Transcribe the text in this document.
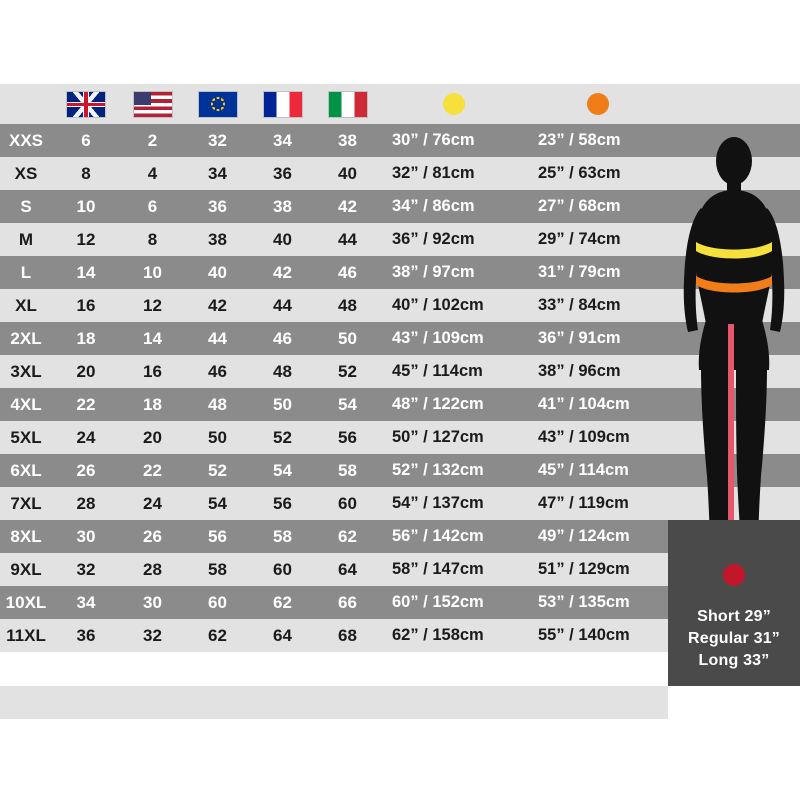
XXS	6	2	32	34	38	30” / 76cm	23” / 58cm
XS	8	4	34	36	40	32” / 81cm	25” / 63cm
S	10	6	36	38	42	34” / 86cm	27” / 68cm
M	12	8	38	40	44	36” / 92cm	29” / 74cm
L	14	10	40	42	46	38” / 97cm	31” / 79cm
XL	16	12	42	44	48	40” / 102cm	33” / 84cm
2XL	18	14	44	46	50	43” / 109cm	36” / 91cm
3XL	20	16	46	48	52	45” / 114cm	38” / 96cm
4XL	22	18	48	50	54	48” / 122cm	41” / 104cm
5XL	24	20	50	52	56	50” / 127cm	43” / 109cm
6XL	26	22	52	54	58	52” / 132cm	45” / 114cm
7XL	28	24	54	56	60	54” / 137cm	47” / 119cm
8XL	30	26	56	58	62	56” / 142cm	49” / 124cm
9XL	32	28	58	60	64	58” / 147cm	51” / 129cm
10XL	34	30	60	62	66	60” / 152cm	53” / 135cm
11XL	36	32	62	64	68	62” / 158cm	55” / 140cm
Short 29”
Regular 31”
Long 33”
